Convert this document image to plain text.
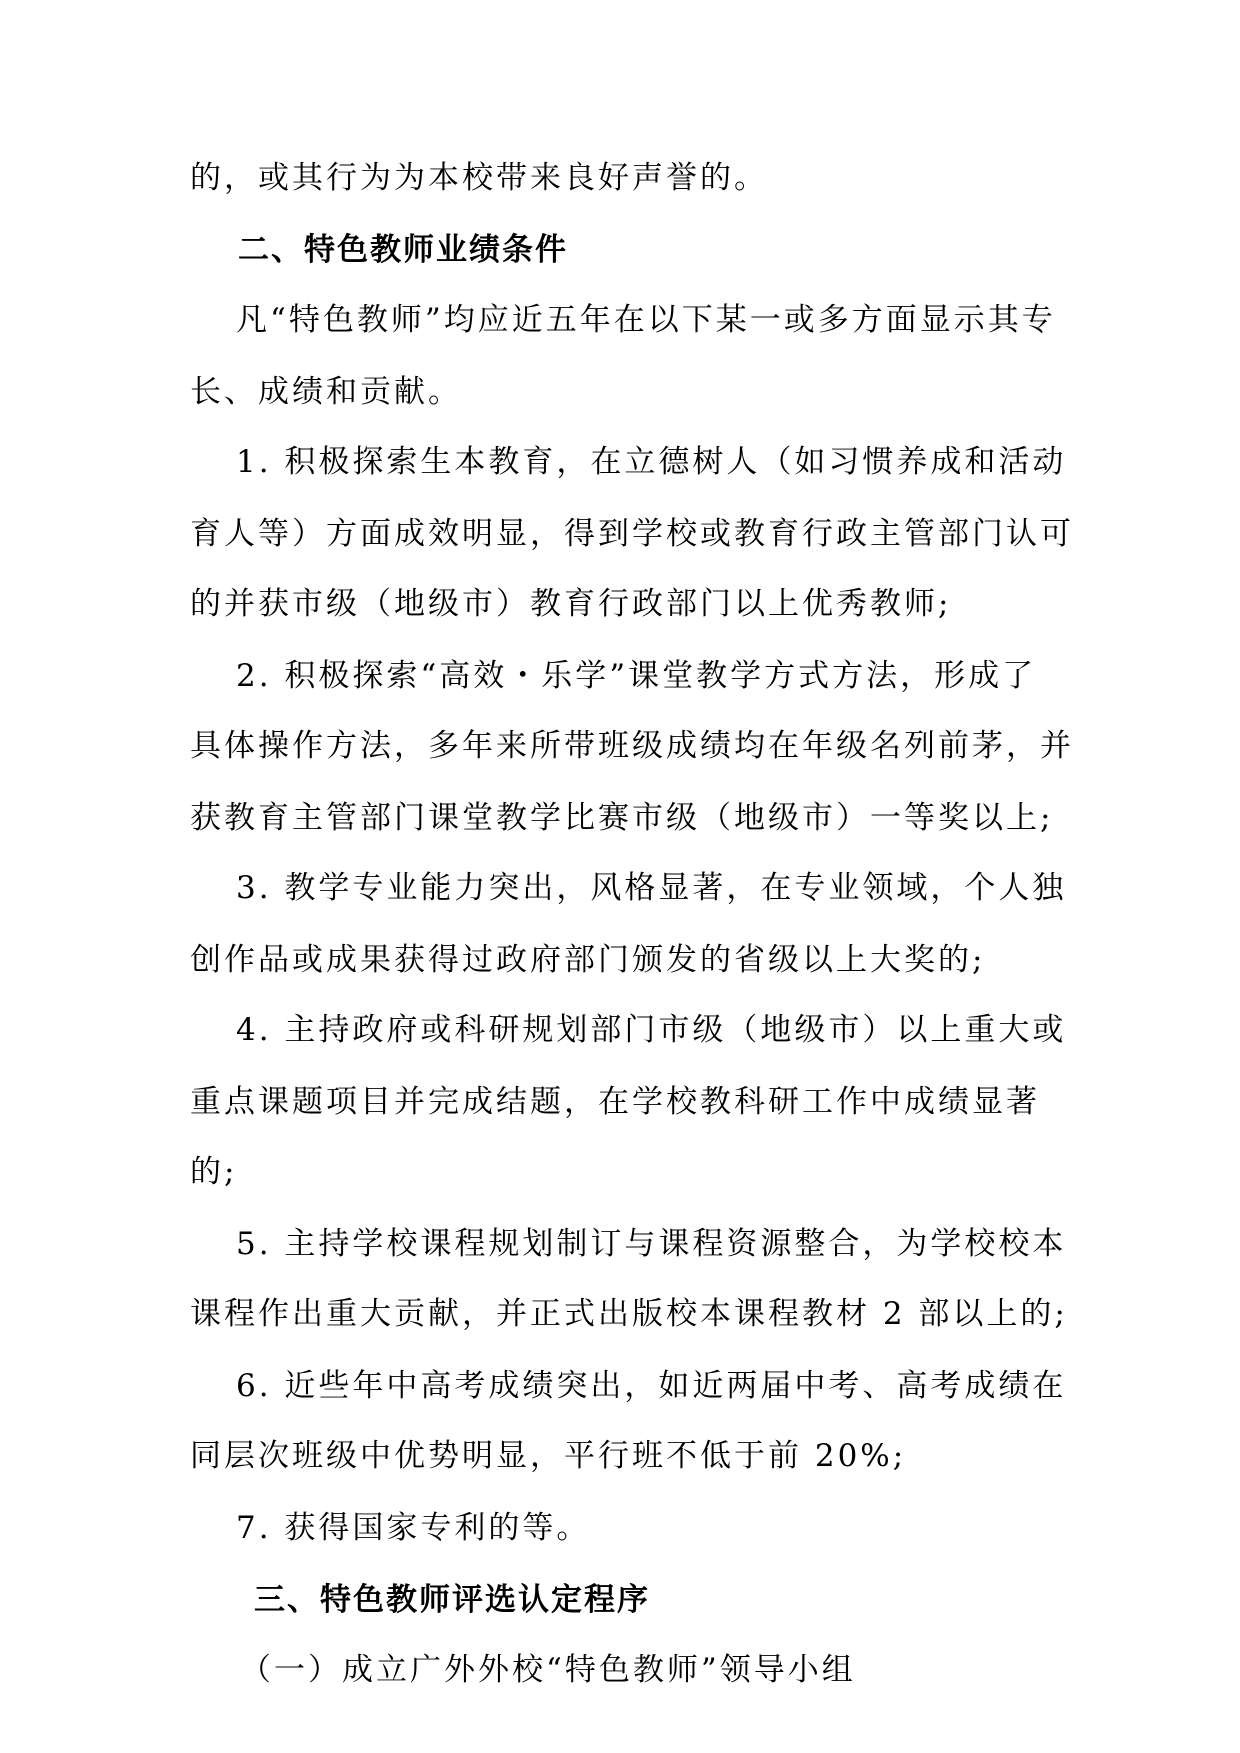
的，或其行为为本校带来良好声誉的。

二、特色教师业绩条件

凡“特色教师”均应近五年在以下某一或多方面显示其专

长、成绩和贡献。

1. 积极探索生本教育，在立德树人（如习惯养成和活动

育人等）方面成效明显，得到学校或教育行政主管部门认可

的并获市级（地级市）教育行政部门以上优秀教师;

2. 积极探索“高效・乐学”课堂教学方式方法，形成了

具体操作方法，多年来所带班级成绩均在年级名列前茅，并

获教育主管部门课堂教学比赛市级（地级市）一等奖以上;

3. 教学专业能力突出，风格显著，在专业领域，个人独

创作品或成果获得过政府部门颁发的省级以上大奖的;

4. 主持政府或科研规划部门市级（地级市）以上重大或

重点课题项目并完成结题，在学校教科研工作中成绩显著

的;

5. 主持学校课程规划制订与课程资源整合，为学校校本

课程作出重大贡献，并正式出版校本课程教材 2 部以上的;

6. 近些年中高考成绩突出，如近两届中考、高考成绩在

同层次班级中优势明显，平行班不低于前 20%;

7. 获得国家专利的等。

三、特色教师评选认定程序

（一）成立广外外校“特色教师”领导小组
